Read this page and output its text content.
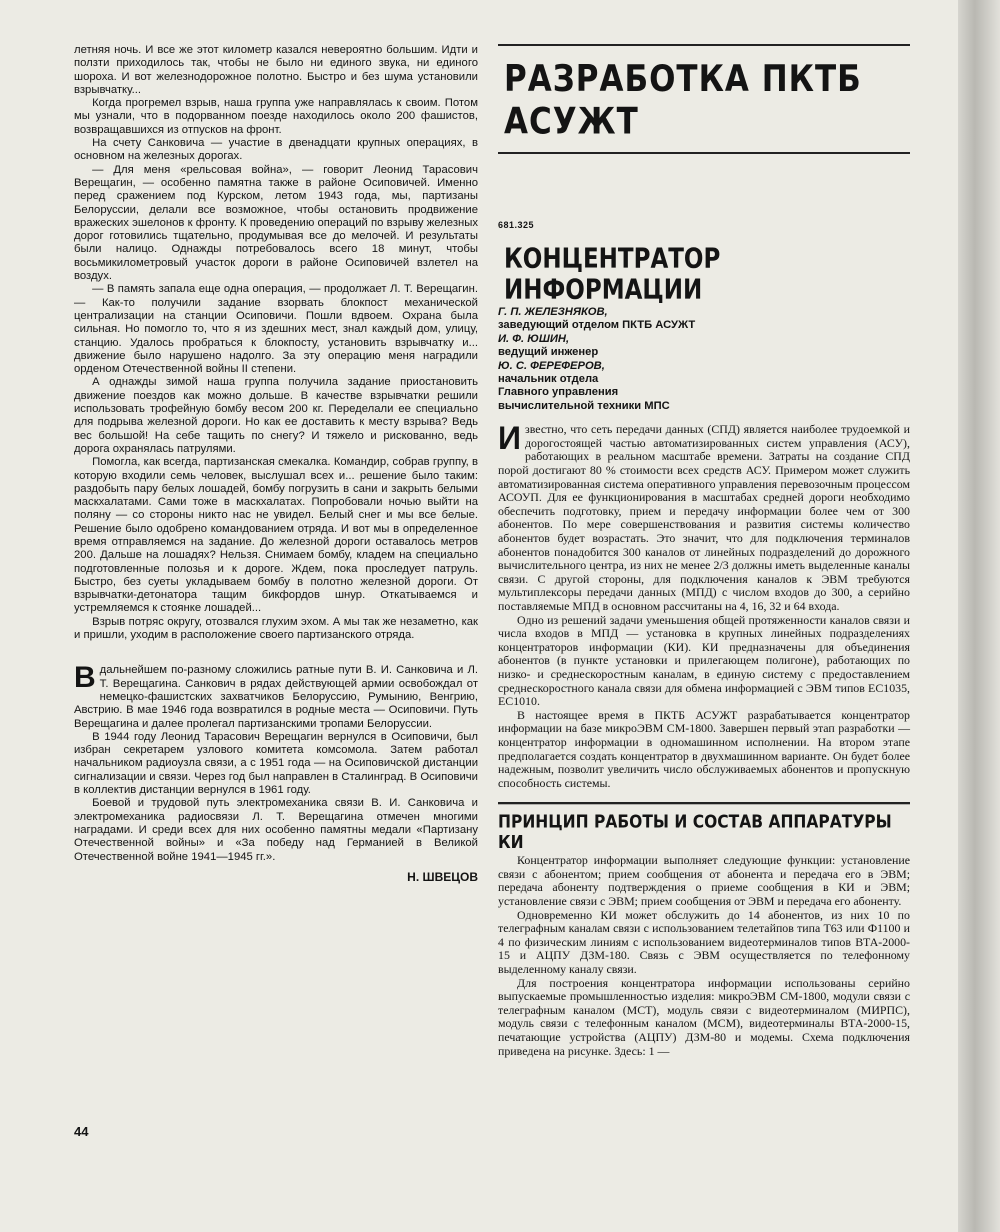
летняя ночь. И все же этот километр казался невероятно большим. Идти и ползти приходилось так, чтобы не было ни единого звука, ни единого шороха. И вот железнодорожное полотно. Быстро и без шума установили взрывчатку...

Когда прогремел взрыв, наша группа уже направлялась к своим. Потом мы узнали, что в подорванном поезде находилось около 200 фашистов, возвращавшихся из отпусков на фронт.

На счету Санковича — участие в двенадцати крупных операциях, в основном на железных дорогах.

— Для меня «рельсовая война», — говорит Леонид Тарасович Верещагин, — особенно памятна также в районе Осиповичей. Именно перед сражением под Курском, летом 1943 года, мы, партизаны Белоруссии, делали все возможное, чтобы остановить продвижение вражеских эшелонов к фронту. К проведению операций по взрыву железных дорог готовились тщательно, продумывая все до мелочей. И результаты были налицо. Однажды потребовалось всего 18 минут, чтобы восьмикилометровый участок дороги в районе Осиповичей взлетел на воздух.

— В память запала еще одна операция, — продолжает Л. Т. Верещагин. — Как-то получили задание взорвать блокпост механической централизации на станции Осиповичи. Пошли вдвоем. Охрана была сильная. Но помогло то, что я из здешних мест, знал каждый дом, улицу, станцию. Удалось пробраться к блокпосту, установить взрывчатку и... движение было нарушено надолго. За эту операцию меня наградили орденом Отечественной войны II степени.

А однажды зимой наша группа получила задание приостановить движение поездов как можно дольше. В качестве взрывчатки решили использовать трофейную бомбу весом 200 кг. Переделали ее специально для подрыва железной дороги. Но как ее доставить к месту взрыва? Ведь вес большой! На себе тащить по снегу? И тяжело и рискованно, ведь дорога охранялась патрулями.

Помогла, как всегда, партизанская смекалка. Командир, собрав группу, в которую входили семь человек, выслушал всех и... решение было таким: раздобыть пару белых лошадей, бомбу погрузить в сани и закрыть белыми маскхалатами. Сами тоже в маскхалатах. Попробовали ночью выйти на поляну — со стороны никто нас не увидел. Белый снег и мы все белые. Решение было одобрено командованием отряда. И вот мы в определенное время отправляемся на задание. До железной дороги оставалось метров 200. Дальше на лошадях? Нельзя. Снимаем бомбу, кладем на специально подготовленные полозья и к дороге. Ждем, пока проследует патруль. Быстро, без суеты укладываем бомбу в полотно железной дороги. От взрывчатки-детонатора тащим бикфордов шнур. Откатываемся и устремляемся к стоянке лошадей...

Взрыв потряс округу, отозвался глухим эхом. А мы так же незаметно, как и пришли, уходим в расположение своего партизанского отряда.

Вдальнейшем по-разному сложились ратные пути В. И. Санковича и Л. Т. Верещагина. Санкович в рядах действующей армии освобождал от немецко-фашистских захватчиков Белоруссию, Румынию, Венгрию, Австрию. В мае 1946 года возвратился в родные места — Осиповичи. Путь Верещагина и далее пролегал партизанскими тропами Белоруссии.

В 1944 году Леонид Тарасович Верещагин вернулся в Осиповичи, был избран секретарем узлового комитета комсомола. Затем работал начальником радиоузла связи, а с 1951 года — на Осиповичской дистанции сигнализации и связи. Через год был направлен в Сталинград. В Осиповичи в коллектив дистанции вернулся в 1961 году.

Боевой и трудовой путь электромеханика связи В. И. Санковича и электромеханика радиосвязи Л. Т. Верещагина отмечен многими наградами. И среди всех для них особенно памятны медали «Партизану Отечественной войны» и «За победу над Германией в Великой Отечественной войне 1941—1945 гг.».

Н. ШВЕЦОВ
44
РАЗРАБОТКА ПКТБ АСУЖТ
681.325
КОНЦЕНТРАТОР ИНФОРМАЦИИ
Г. П. ЖЕЛЕЗНЯКОВ,
заведующий отделом ПКТБ АСУЖТ
И. Ф. ЮШИН,
ведущий инженер
Ю. С. ФЕРЕФЕРОВ,
начальник отдела
Главного управления
вычислительной техники МПС

Известно, что сеть передачи данных (СПД) является наиболее трудоемкой и дорогостоящей частью автоматизированных систем управления (АСУ), работающих в реальном масштабе времени. Затраты на создание СПД порой достигают 80 % стоимости всех средств АСУ. Примером может служить автоматизированная система оперативного управления перевозочным процессом АСОУП. Для ее функционирования в масштабах средней дороги необходимо обеспечить подготовку, прием и передачу информации более чем от 300 абонентов. По мере совершенствования и развития системы количество абонентов будет возрастать. Это значит, что для подключения терминалов абонентов понадобится 300 каналов от линейных подразделений до дорожного вычислительного центра, из них не менее 2/3 должны иметь выделенные каналы связи. С другой стороны, для подключения каналов к ЭВМ требуются мультиплексоры передачи данных (МПД) с числом входов до 300, а серийно поставляемые МПД в основном рассчитаны на 4, 16, 32 и 64 входа.

Одно из решений задачи уменьшения общей протяженности каналов связи и числа входов в МПД — установка в крупных линейных подразделениях концентраторов информации (КИ). КИ предназначены для объединения абонентов (в пункте установки и прилегающем полигоне), работающих по низко- и среднескоростным каналам, в единую систему с предоставлением среднескоростного канала связи для обмена информацией с ЭВМ типов ЕС1035, ЕС1010.

В настоящее время в ПКТБ АСУЖТ разрабатывается концентратор информации на базе микроЭВМ СМ-1800. Завершен первый этап разработки — концентратор информации в одномашинном исполнении. На втором этапе предполагается создать концентратор в двухмашинном варианте. Он будет более надежным, позволит увеличить число обслуживаемых абонентов и пропускную способность системы.

ПРИНЦИП РАБОТЫ И СОСТАВ АППАРАТУРЫ КИ

Концентратор информации выполняет следующие функции: установление связи с абонентом; прием сообщения от абонента и передача его в ЭВМ; передача абоненту подтверждения о приеме сообщения в КИ и ЭВМ; установление связи с ЭВМ; прием сообщения от ЭВМ и передача его абоненту.

Одновременно КИ может обслужить до 14 абонентов, из них 10 по телеграфным каналам связи с использованием телетайпов типа Т63 или Ф1100 и 4 по физическим линиям с использованием видеотерминалов типов ВТА-2000-15 и АЦПУ ДЗМ-180. Связь с ЭВМ осуществляется по телефонному выделенному каналу связи.

Для построения концентратора информации использованы серийно выпускаемые промышленностью изделия: микроЭВМ СМ-1800, модули связи с телеграфным каналом (МСТ), модуль связи с видеотерминалом (МИРПС), модуль связи с телефонным каналом (МСМ), видеотерминалы ВТА-2000-15, печатающие устройства (АЦПУ) ДЗМ-80 и модемы. Схема подключения приведена на рисунке. Здесь: 1 —
